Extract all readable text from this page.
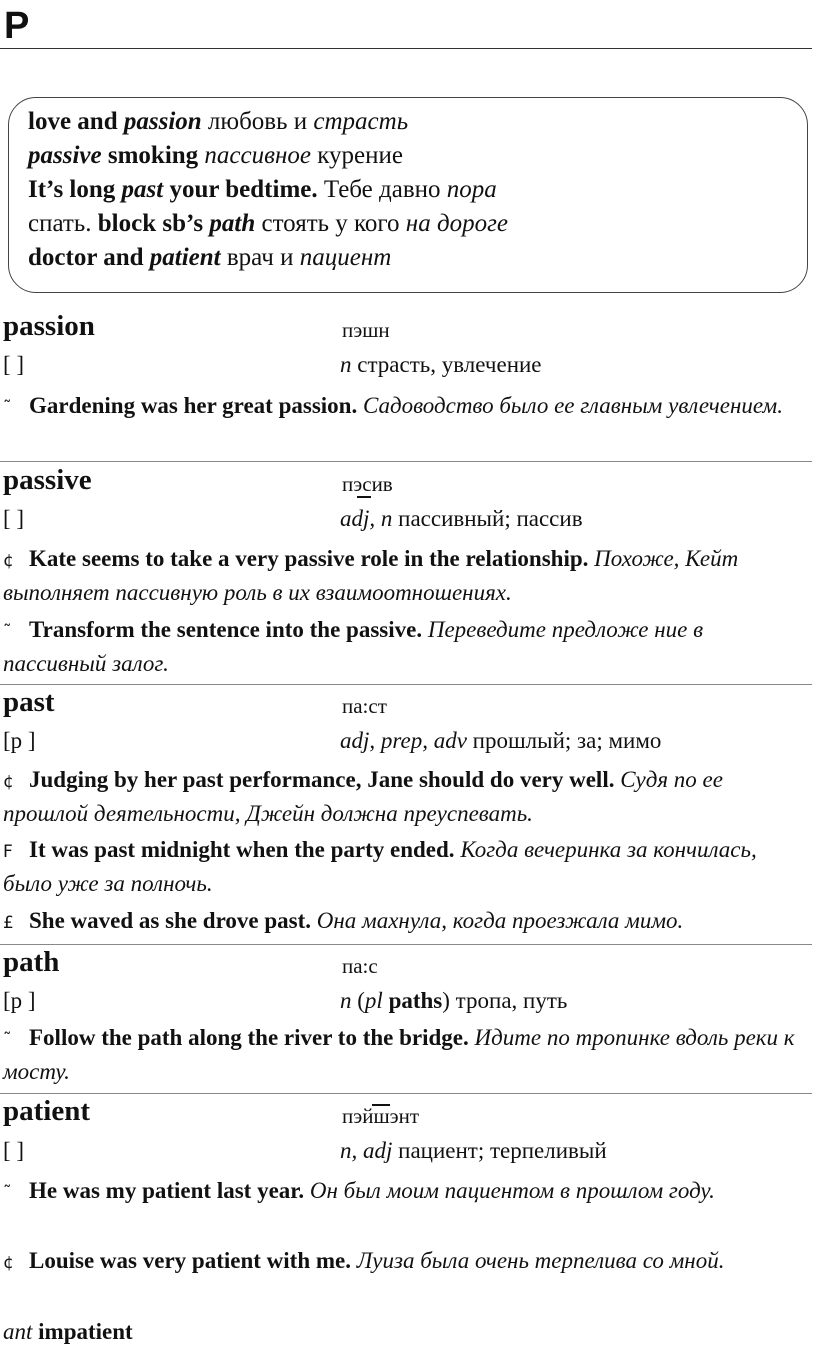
P
love and passion любовь и страсть
passive smoking пассивное курение
It’s long past your bedtime. Тебе давно пора
спать. block sb’s path стоять у кого на дороге
doctor and patient врач и пациент
passion	пэшн
[ ]	n страсть, увлечение
˜ Gardening was her great passion. Садоводство было ее главным увлечением.
passive	пэсив
[ ]	adj, n пассивный; пассив
¢ Kate seems to take a very passive role in the relationship. Похоже, Кейт выполняет пассивную роль в их взаимоотношениях.
˜ Transform the sentence into the passive. Переведите предложе ние в пассивный залог.
past	па:ст
[p ]	adj, prep, adv прошлый; за; мимо
¢ Judging by her past performance, Jane should do very well. Судя по ее прошлой деятельности, Джейн должна преуспевать.
F It was past midnight when the party ended. Когда вечеринка за кончилась, было уже за полночь.
£ She waved as she drove past. Она махнула, когда проезжала мимо.
path	па:с
[p ]	n (pl paths) тропа, путь
˜ Follow the path along the river to the bridge. Идите по тропинке вдоль реки к мосту.
patient	пэйшэнт
[ ]	n, adj пациент; терпеливый
˜ He was my patient last year. Он был моим пациентом в прошлом году.
¢ Louise was very patient with me. Луиза была очень терпелива со мной.
ant impatient
